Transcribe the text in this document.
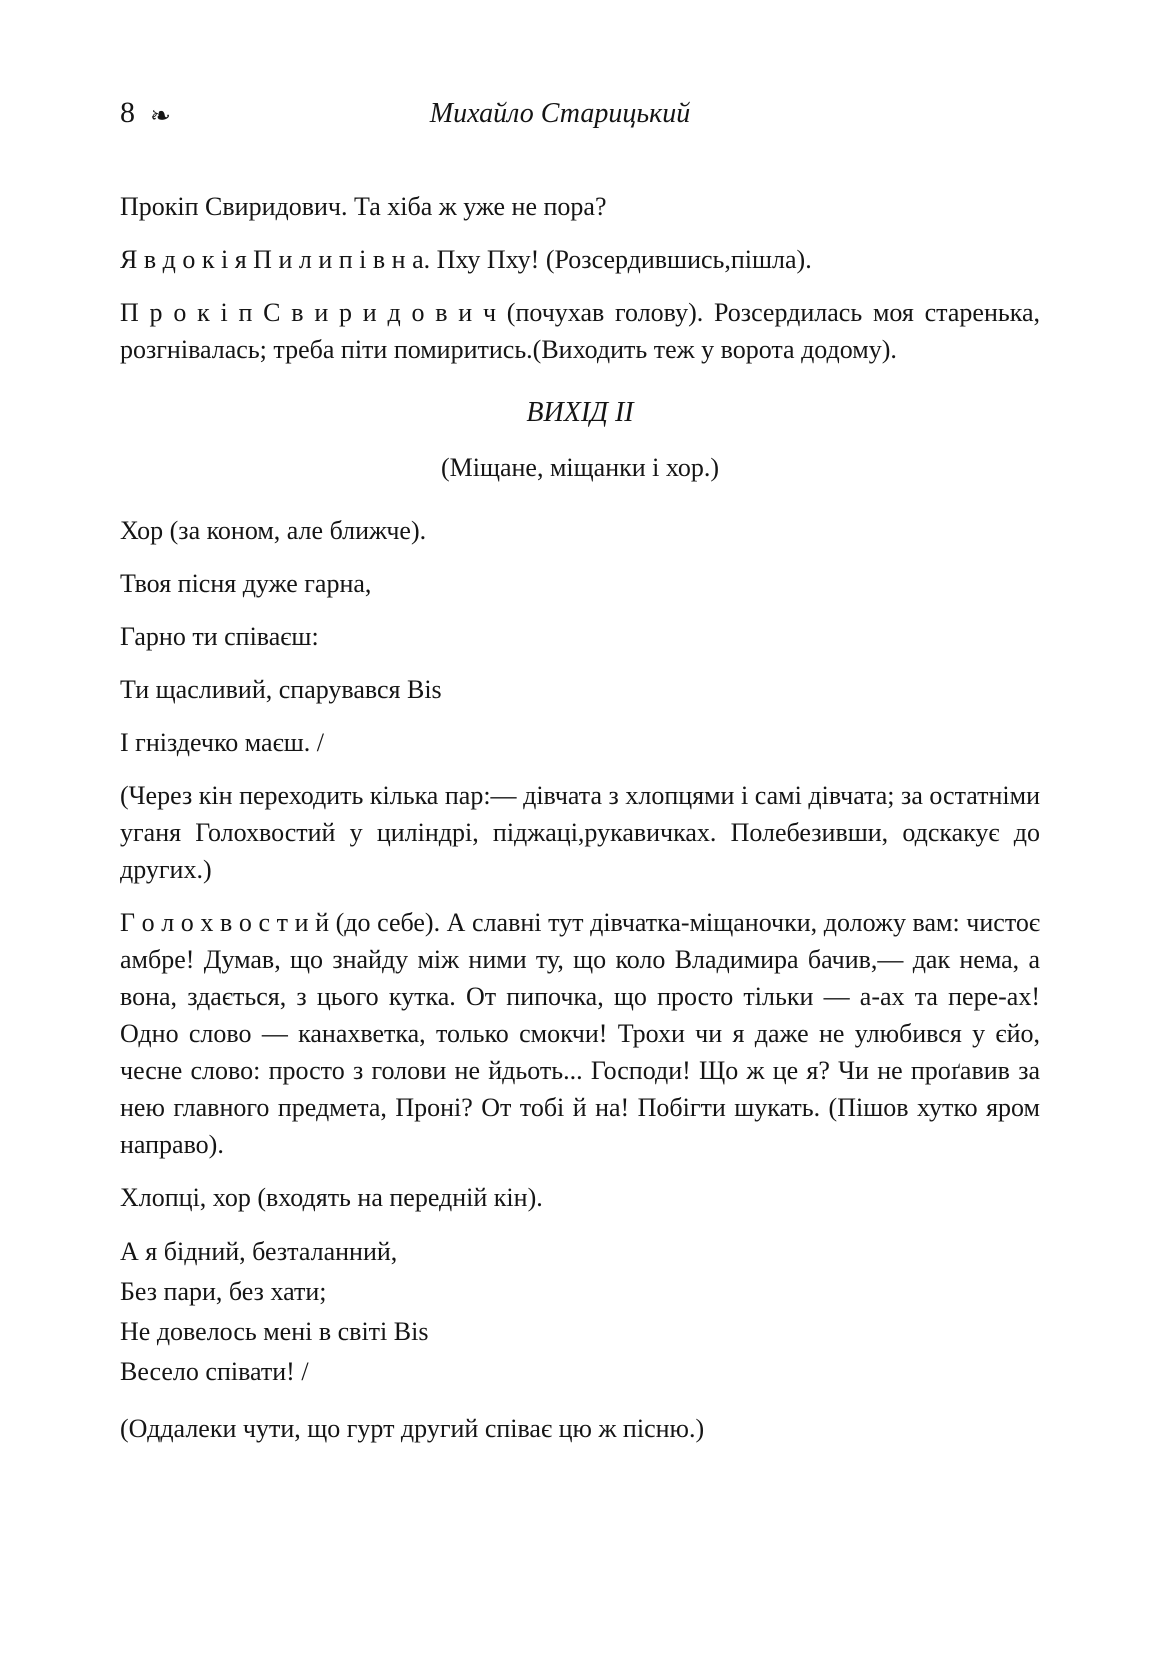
8 ❧	Михайло Старицький

Прокіп Свиридович. Та хіба ж уже не пора?

Я в д о к і я П и л и п і в н а. Пху Пху! (Розсердившись,пішла).

П р о к і п С в и р и д о в и ч (почухав голову). Розсердилась моя старенька, розгнівалась; треба піти помиритись.(Виходить теж у ворота додому).

ВИХІД II

(Міщане, міщанки і хор.)

Хор (за коном, але ближче).

Твоя пісня дуже гарна,

Гарно ти співаєш:

Ти щасливий, спарувався Bis

І гніздечко маєш. /

(Через кін переходить кілька пар:— дівчата з хлопцями і самі дівчата; за остатніми уганя Голохвостий у циліндрі, піджаці,рукавичках. Полебезивши, одскакує до других.)

Г о л о х в о с т и й (до себе). А славні тут дівчатка-міщаночки, доложу вам: чистоє амбре! Думав, що знайду між ними ту, що коло Владимира бачив,— дак нема, а вона, здається, з цього кутка. От пипочка, що просто тільки — а-ах та пере-ах! Одно слово — канахветка, только смокчи! Трохи чи я даже не улюбився у єйо, чесне слово: просто з голови не йдьоть... Господи! Що ж це я? Чи не проґавив за нею главного предмета, Проні? От тобі й на! Побігти шукать. (Пішов хутко яром направо).

Хлопці, хор (входять на передній кін).

А я бідний, безталанний,

Без пари, без хати;

Не довелось мені в світі Bis

Весело співати! /

(Оддалеки чути, що гурт другий співає цю ж пісню.)
